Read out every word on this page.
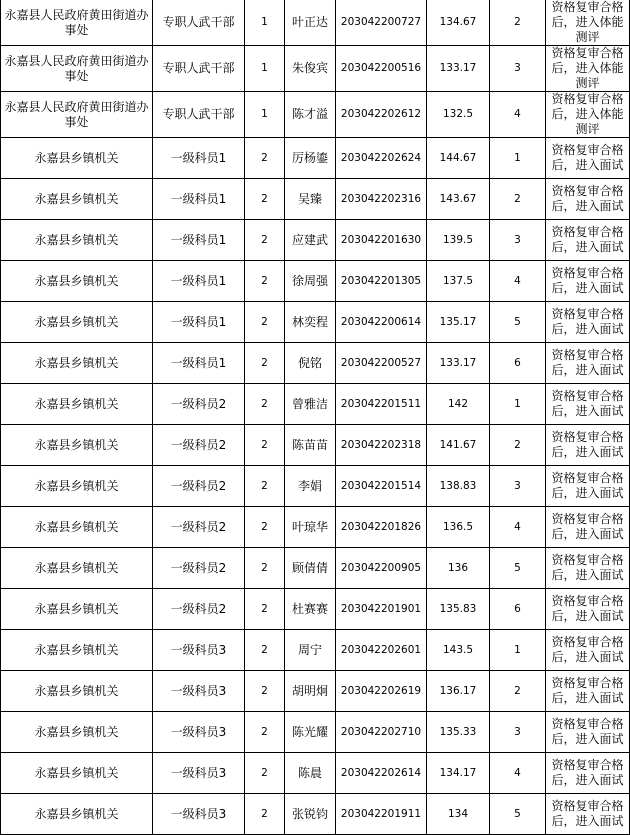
永嘉县人民政府黄田街道办事处	专职人武干部	1	叶正达	203042200727	134.67	2	资格复审合格后，进入体能测评
永嘉县人民政府黄田街道办事处	专职人武干部	1	朱俊宾	203042200516	133.17	3	资格复审合格后，进入体能测评
永嘉县人民政府黄田街道办事处	专职人武干部	1	陈才溢	203042202612	132.5	4	资格复审合格后，进入体能测评
永嘉县乡镇机关	一级科员1	2	厉杨鎏	203042202624	144.67	1	资格复审合格后，进入面试
永嘉县乡镇机关	一级科员1	2	吴臻	203042202316	143.67	2	资格复审合格后，进入面试
永嘉县乡镇机关	一级科员1	2	应建武	203042201630	139.5	3	资格复审合格后，进入面试
永嘉县乡镇机关	一级科员1	2	徐周强	203042201305	137.5	4	资格复审合格后，进入面试
永嘉县乡镇机关	一级科员1	2	林奕程	203042200614	135.17	5	资格复审合格后，进入面试
永嘉县乡镇机关	一级科员1	2	倪铭	203042200527	133.17	6	资格复审合格后，进入面试
永嘉县乡镇机关	一级科员2	2	曾雅洁	203042201511	142	1	资格复审合格后，进入面试
永嘉县乡镇机关	一级科员2	2	陈苗苗	203042202318	141.67	2	资格复审合格后，进入面试
永嘉县乡镇机关	一级科员2	2	李娟	203042201514	138.83	3	资格复审合格后，进入面试
永嘉县乡镇机关	一级科员2	2	叶琼华	203042201826	136.5	4	资格复审合格后，进入面试
永嘉县乡镇机关	一级科员2	2	顾倩倩	203042200905	136	5	资格复审合格后，进入面试
永嘉县乡镇机关	一级科员2	2	杜赛赛	203042201901	135.83	6	资格复审合格后，进入面试
永嘉县乡镇机关	一级科员3	2	周宁	203042202601	143.5	1	资格复审合格后，进入面试
永嘉县乡镇机关	一级科员3	2	胡明炯	203042202619	136.17	2	资格复审合格后，进入面试
永嘉县乡镇机关	一级科员3	2	陈光耀	203042202710	135.33	3	资格复审合格后，进入面试
永嘉县乡镇机关	一级科员3	2	陈晨	203042202614	134.17	4	资格复审合格后，进入面试
永嘉县乡镇机关	一级科员3	2	张锐钧	203042201911	134	5	资格复审合格后，进入面试
